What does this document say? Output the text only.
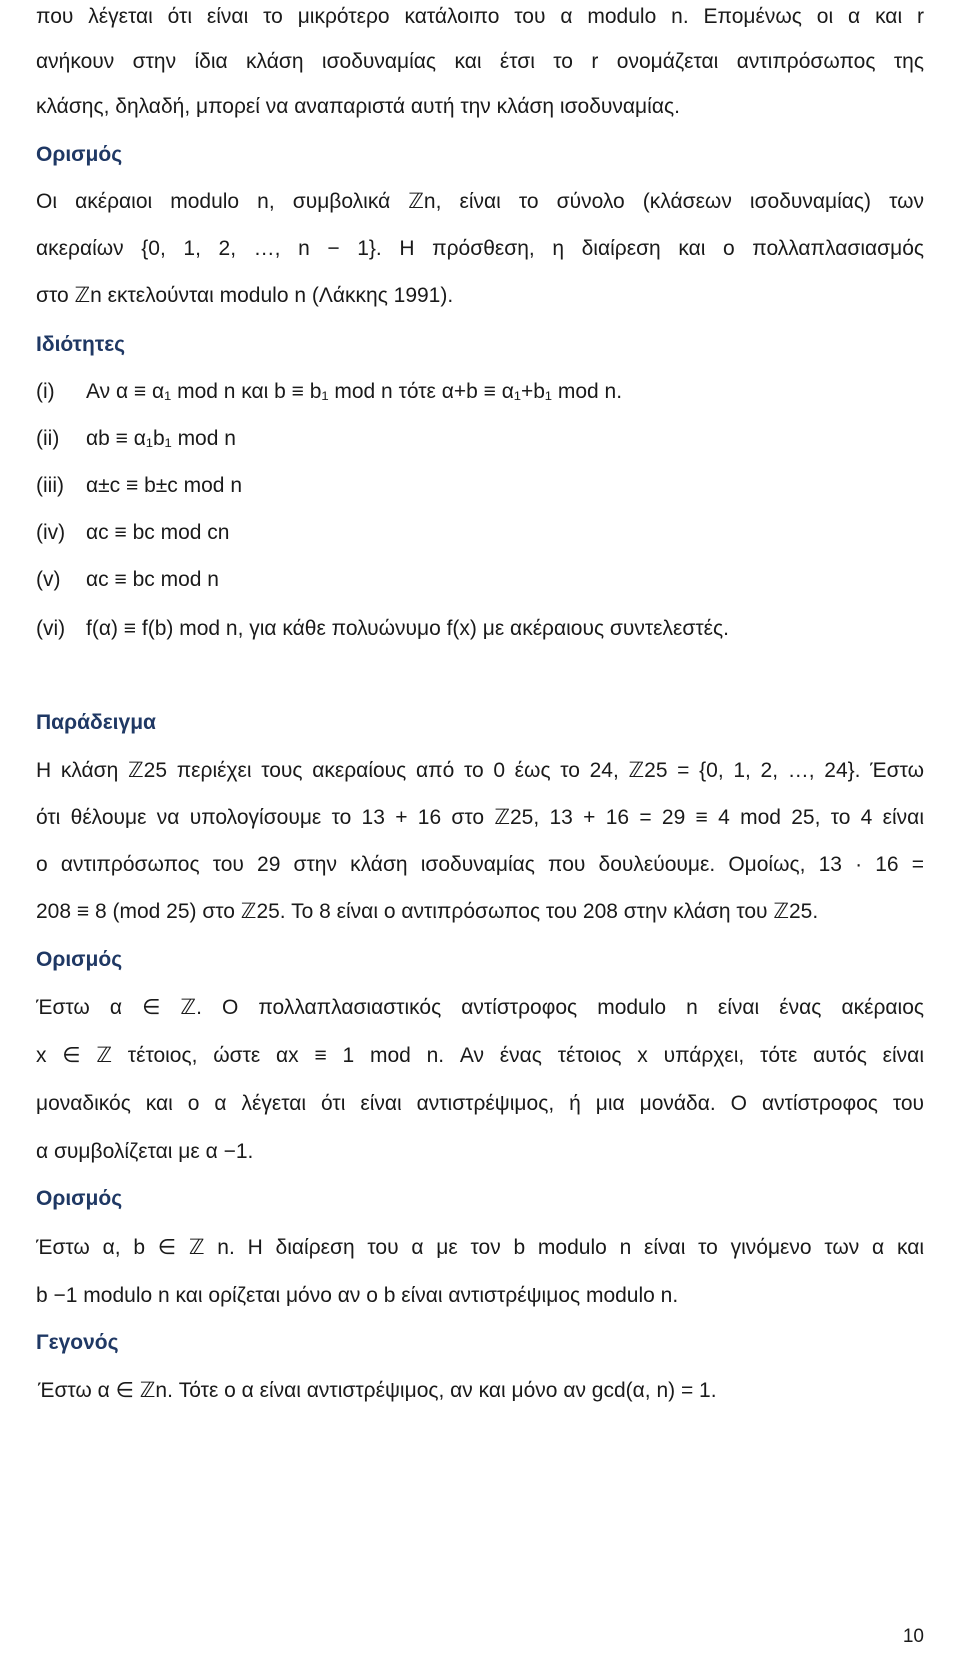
που λέγεται ότι είναι το μικρότερο κατάλοιπο του α modulo n. Επομένως οι α και r
ανήκουν στην ίδια κλάση ισοδυναμίας και έτσι το r ονομάζεται αντιπρόσωπος της
κλάσης, δηλαδή, μπορεί να αναπαριστά αυτή την κλάση ισοδυναμίας.
Ορισμός
Οι ακέραιοι modulo n, συμβολικά ℤn, είναι το σύνολο (κλάσεων ισοδυναμίας) των
ακεραίων {0, 1, 2, …, n − 1}. Η πρόσθεση, η διαίρεση και ο πολλαπλασιασμός
στο ℤn εκτελούνται modulo n (Λάκκης 1991).
Ιδιότητες
(i) Αν α ≡ α₁ mod n και b ≡ b₁ mod n τότε α+b ≡ α₁+b₁ mod n.
(ii) αb ≡ α₁b₁ mod n
(iii) α±c ≡ b±c mod n
(iv) αc ≡ bc mod cn
(v) αc ≡ bc mod n
(vi) f(α) ≡ f(b) mod n, για κάθε πολυώνυμο f(x) με ακέραιους συντελεστές.
Παράδειγμα
Η κλάση ℤ25 περιέχει τους ακεραίους από το 0 έως το 24, ℤ25 = {0, 1, 2, …, 24}. Έστω
ότι θέλουμε να υπολογίσουμε το 13 + 16 στο ℤ25, 13 + 16 = 29 ≡ 4 mod 25, το 4 είναι
ο αντιπρόσωπος του 29 στην κλάση ισοδυναμίας που δουλεύουμε. Ομοίως, 13 · 16 =
208 ≡ 8 (mod 25) στο ℤ25. Το 8 είναι ο αντιπρόσωπος του 208 στην κλάση του ℤ25.
Ορισμός
Έστω α ∈ ℤ. Ο πολλαπλασιαστικός αντίστροφος modulo n είναι ένας ακέραιος
x ∈ ℤ τέτοιος, ώστε αx ≡ 1 mod n. Αν ένας τέτοιος x υπάρχει, τότε αυτός είναι
μοναδικός και ο α λέγεται ότι είναι αντιστρέψιμος, ή μια μονάδα. Ο αντίστροφος του
α συμβολίζεται με α −1.
Ορισμός
Έστω α, b ∈ ℤ n. Η διαίρεση του α με τον b modulo n είναι το γινόμενο των α και
b −1 modulo n και ορίζεται μόνο αν ο b είναι αντιστρέψιμος modulo n.
Γεγονός
Έστω α ∈ ℤn. Τότε ο α είναι αντιστρέψιμος, αν και μόνο αν gcd(α, n) = 1.
10
